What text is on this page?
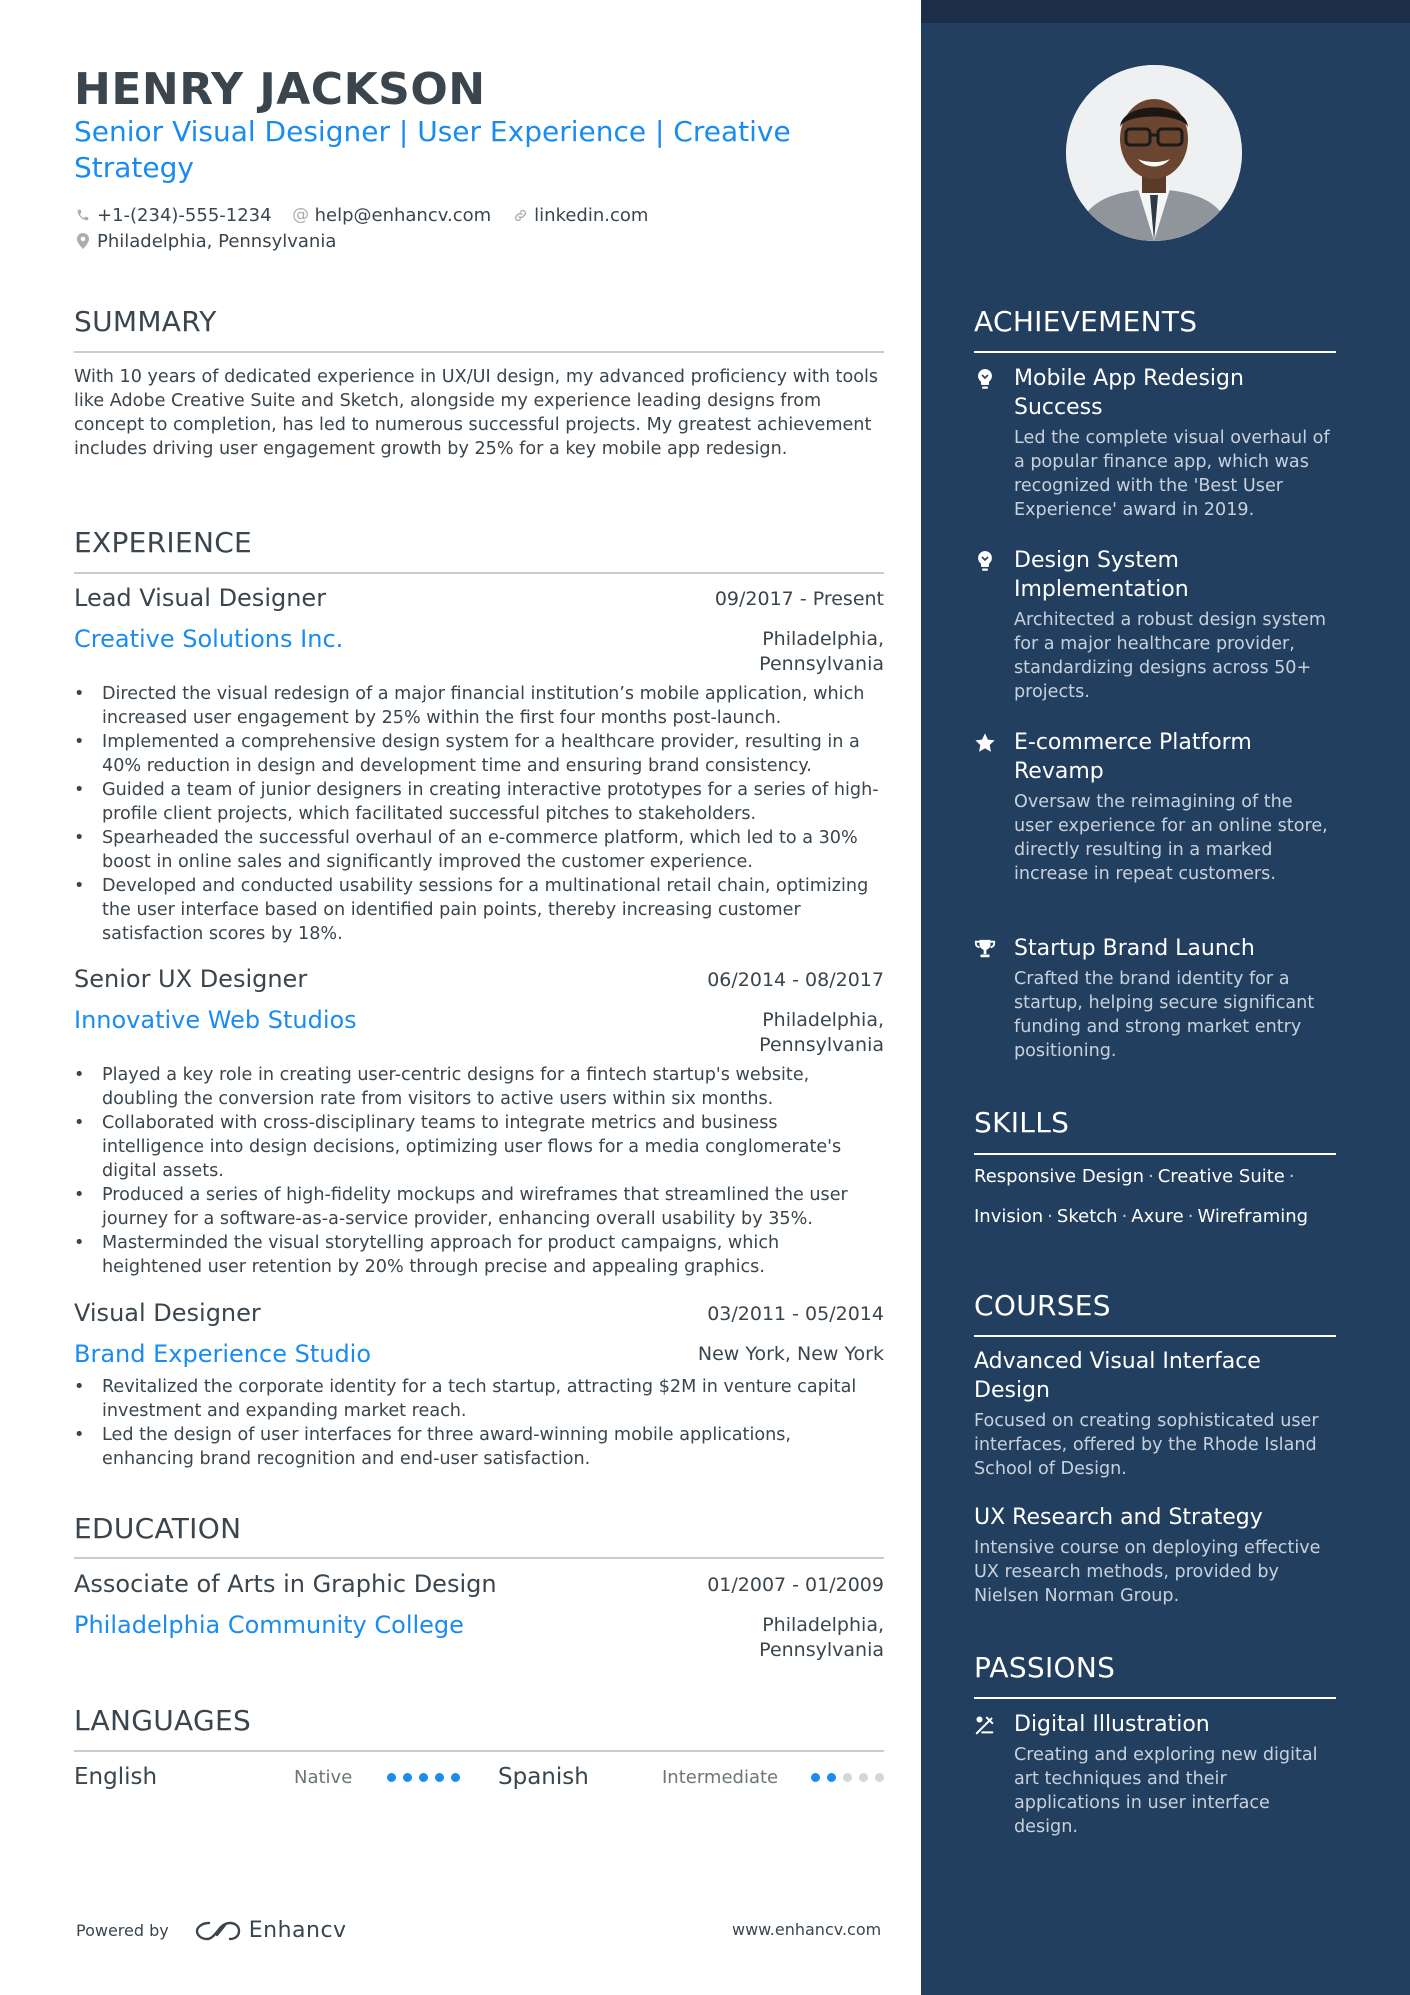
HENRY JACKSON
Senior Visual Designer | User Experience | Creative Strategy
+1-(234)-555-1234 @ help@enhancv.com linkedin.com
Philadelphia, Pennsylvania
SUMMARY
With 10 years of dedicated experience in UX/UI design, my advanced proficiency with tools like Adobe Creative Suite and Sketch, alongside my experience leading designs from concept to completion, has led to numerous successful projects. My greatest achievement includes driving user engagement growth by 25% for a key mobile app redesign.
EXPERIENCE
Lead Visual Designer	09/2017 - Present
Creative Solutions Inc.	Philadelphia, Pennsylvania
• Directed the visual redesign of a major financial institution’s mobile application, which increased user engagement by 25% within the first four months post-launch.
• Implemented a comprehensive design system for a healthcare provider, resulting in a 40% reduction in design and development time and ensuring brand consistency.
• Guided a team of junior designers in creating interactive prototypes for a series of high-profile client projects, which facilitated successful pitches to stakeholders.
• Spearheaded the successful overhaul of an e-commerce platform, which led to a 30% boost in online sales and significantly improved the customer experience.
• Developed and conducted usability sessions for a multinational retail chain, optimizing the user interface based on identified pain points, thereby increasing customer satisfaction scores by 18%.
Senior UX Designer	06/2014 - 08/2017
Innovative Web Studios	Philadelphia, Pennsylvania
• Played a key role in creating user-centric designs for a fintech startup's website, doubling the conversion rate from visitors to active users within six months.
• Collaborated with cross-disciplinary teams to integrate metrics and business intelligence into design decisions, optimizing user flows for a media conglomerate's digital assets.
• Produced a series of high-fidelity mockups and wireframes that streamlined the user journey for a software-as-a-service provider, enhancing overall usability by 35%.
• Masterminded the visual storytelling approach for product campaigns, which heightened user retention by 20% through precise and appealing graphics.
Visual Designer	03/2011 - 05/2014
Brand Experience Studio	New York, New York
• Revitalized the corporate identity for a tech startup, attracting $2M in venture capital investment and expanding market reach.
• Led the design of user interfaces for three award-winning mobile applications, enhancing brand recognition and end-user satisfaction.
EDUCATION
Associate of Arts in Graphic Design	01/2007 - 01/2009
Philadelphia Community College	Philadelphia, Pennsylvania
LANGUAGES
English	Native	Spanish	Intermediate
Powered by	Enhancv	www.enhancv.com
ACHIEVEMENTS
Mobile App Redesign Success
Led the complete visual overhaul of a popular finance app, which was recognized with the 'Best User Experience' award in 2019.
Design System Implementation
Architected a robust design system for a major healthcare provider, standardizing designs across 50+ projects.
E-commerce Platform Revamp
Oversaw the reimagining of the user experience for an online store, directly resulting in a marked increase in repeat customers.
Startup Brand Launch
Crafted the brand identity for a startup, helping secure significant funding and strong market entry positioning.
SKILLS
Responsive Design · Creative Suite ·
Invision · Sketch · Axure · Wireframing
COURSES
Advanced Visual Interface Design
Focused on creating sophisticated user interfaces, offered by the Rhode Island School of Design.
UX Research and Strategy
Intensive course on deploying effective UX research methods, provided by Nielsen Norman Group.
PASSIONS
Digital Illustration
Creating and exploring new digital art techniques and their applications in user interface design.
